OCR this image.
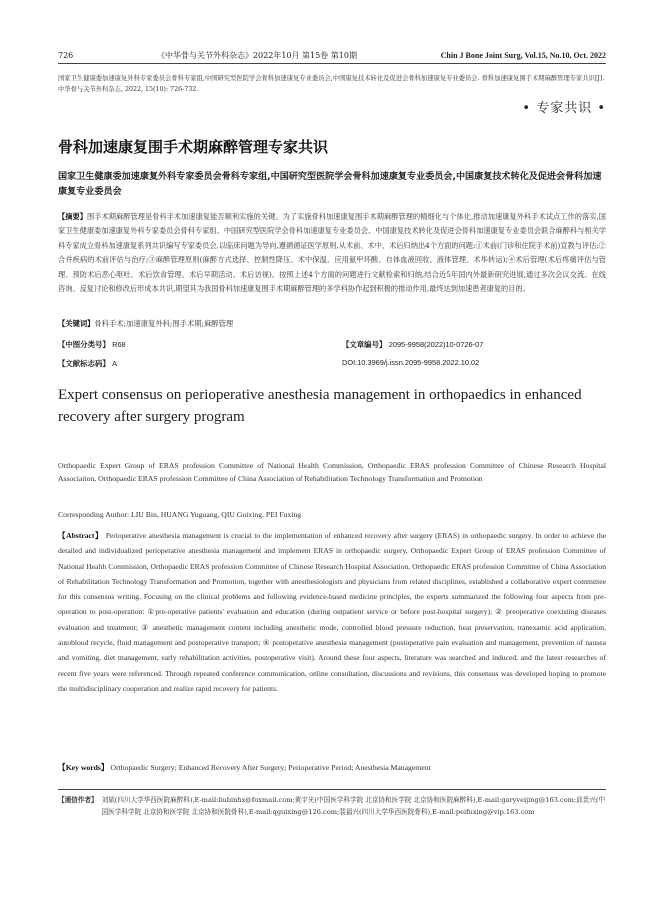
726	《中华骨与关节外科杂志》2022年10月 第15卷 第10期	Chin J Bone Joint Surg, Vol.15, No.10, Oct. 2022
国家卫生健康委加速康复外科专家委员会骨科专家组,中国研究型医院学会骨科加速康复专业委员会,中国康复技术转化及促进会骨科加速康复专业委员会. 骨科加速康复围手术期麻醉管理专家共识[J]. 中华骨与关节外科杂志, 2022, 15(10): 726-732.
• 专家共识 •
骨科加速康复围手术期麻醉管理专家共识
国家卫生健康委加速康复外科专家委员会骨科专家组,中国研究型医院学会骨科加速康复专业委员会,中国康复技术转化及促进会骨科加速康复专业委员会
【摘要】围手术期麻醉管理是骨科手术加速康复能否顺利实施的关键。为了实施骨科加速康复围手术期麻醉管理的精细化与个体化,推动加速康复外科手术试点工作的落实,国家卫生健康委加速康复外科专家委员会骨科专家组、中国研究型医院学会骨科加速康复专业委员会、中国康复技术转化及促进会骨科加速康复专业委员会联合麻醉科与相关学科专家成立骨科加速康复系列共识编写专家委员会,以临床问题为导向,遵循循证医学原则,从术前、术中、术后归纳出4个方面的问题:①术前(门诊和住院手术前)宣教与评估;②合并疾病的术前评估与治疗;③麻醉管理原则(麻醉方式选择、控制性降压、术中保温、应用氨甲环酸、自体血液回收、液体管理、术毕转运);④术后管理(术后疼痛评估与管理、预防术后恶心呕吐、术后饮食管理、术后早期活动、术后访视)。按照上述4个方面的问题进行文献检索和归纳,结合近5年国内外最新研究进展,通过多次会议交流、在线咨询、反复讨论和修改后形成本共识,期望其为我国骨科加速康复围手术期麻醉管理的多学科协作起到积极的推动作用,最终达到加速患者康复的目的。
【关键词】骨科手术;加速康复外科;围手术期;麻醉管理
【中图分类号】 R68	【文章编号】 2095-9958(2022)10-0726-07
【文献标志码】 A	DOI:10.3969/j.issn.2095-9958.2022.10.02
Expert consensus on perioperative anesthesia management in orthopaedics in enhanced recovery after surgery program
Orthopaedic Expert Group of ERAS profession Committee of National Health Commission, Orthopaedic ERAS profession Committee of Chinese Research Hospital Association, Orthopaedic ERAS profession Committee of China Association of Rehabilitation Technology Transformation and Promotion
Corresponding Author: LIU Bin, HUANG Yuguang, QIU Guixing, PEI Fuxing
【Abstract】 Perioperative anesthesia management is crucial to the implementation of enhanced recovery after surgery (ERAS) in orthopaedic surgery. In order to achieve the detailed and individualized perioperative anesthesia management and implement ERAS in orthopaedic surgery, Orthopaedic Expert Group of ERAS profession Committee of National Health Commission, Orthopaedic ERAS profession Committee of Chinese Research Hospital Association, Orthopaedic ERAS profession Committee of China Association of Rehabilitation Technology Transformation and Promotion, together with anesthesiologists and physicians from related disciplines, established a collaborative expert committee for this consensus writing. Focusing on the clinical problems and following evidence-based medicine principles, the experts summarized the following four aspects from pre-operation to post-operation: ①pre-operative patients' evaluation and education (during outpatient service or before post-hospital surgery); ② preoperative coexisting diseases evaluation and treatment; ③ anesthetic management content including anesthetic mode, controlled blood pressure reduction, heat preservation, tranexamic acid application, autoblood recycle, fluid management and postoperative transport; ④ postoperative anesthesia management (postoperative pain evaluation and management, prevention of nausea and vomiting, diet management, early rehabilitation activities, postoperative visit). Around these four aspects, literature was searched and induced, and the latest researches of recent five years were referenced. Through repeated conference communication, online consultation, discussions and revisions, this consensus was developed hoping to promote the multidisciplinary cooperation and realize rapid recovery for patients.
【Key words】 Orthopaedic Surgery; Enhanced Recovery After Surgery; Perioperative Period; Anesthesia Management
【通信作者】 刘斌(四川大学华西医院麻醉科),E-mail:liubinhx@foxmail.com;黄宇光(中国医学科学院 北京协和医学院 北京协和医院麻醉科),E-mail:garyveijing@163.com;邱贵兴(中国医学科学院 北京协和医学院 北京协和医院骨科),E-mail:qguixing@126.com;裴福兴(四川大学华西医院骨科),E-mail:peifuxing@vip.163.com
